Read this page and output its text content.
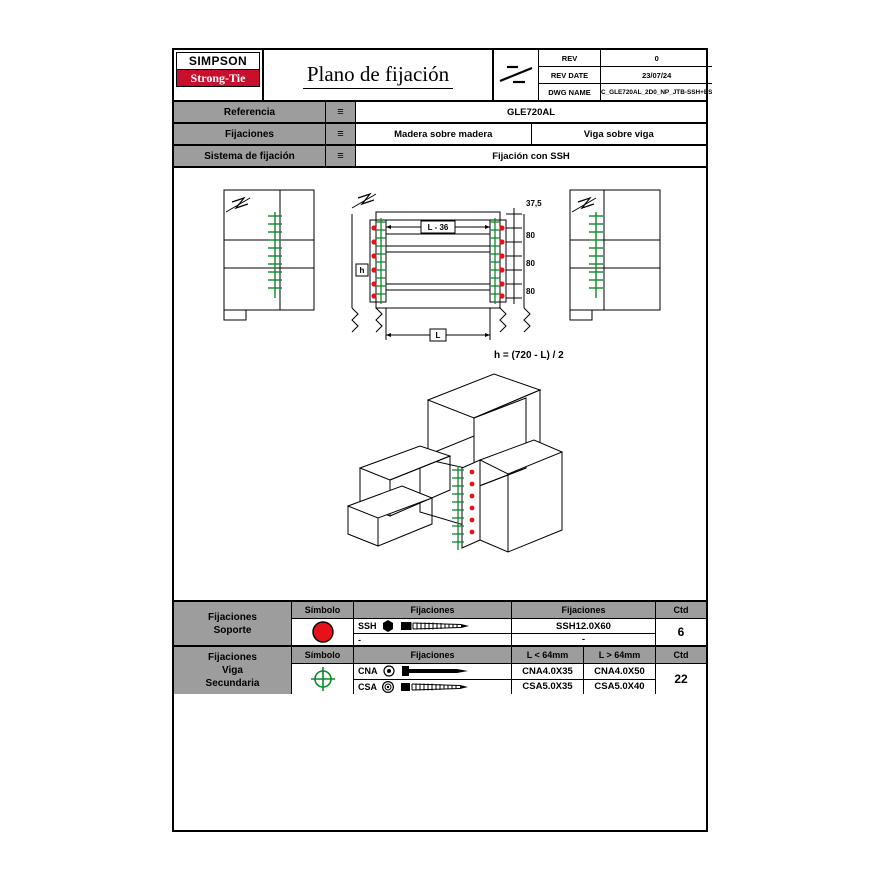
SIMPSON
Strong-Tie	Plano de fijación
REV	0
REV DATE	23/07/24
DWG NAME	C_GLE720AL_2D0_NP_JTB-SSH+ES
Referencia	≡	GLE720AL
Fijaciones	≡	Madera sobre madera	Viga sobre viga
Sistema de fijación	≡	Fijación con SSH
L - 36
L
h
37,5
80
80
80
h = (720 - L) / 2
Fijaciones
Soporte
Símbolo	Fijaciones	Fijaciones	Ctd
SSH	SSH12.0X60
-	-
6
Fijaciones
Viga
Secundaria
Símbolo	Fijaciones	L < 64mm	L > 64mm	Ctd
CNA	CNA4.0X35	CNA4.0X50
CSA	CSA5.0X35	CSA5.0X40
22
